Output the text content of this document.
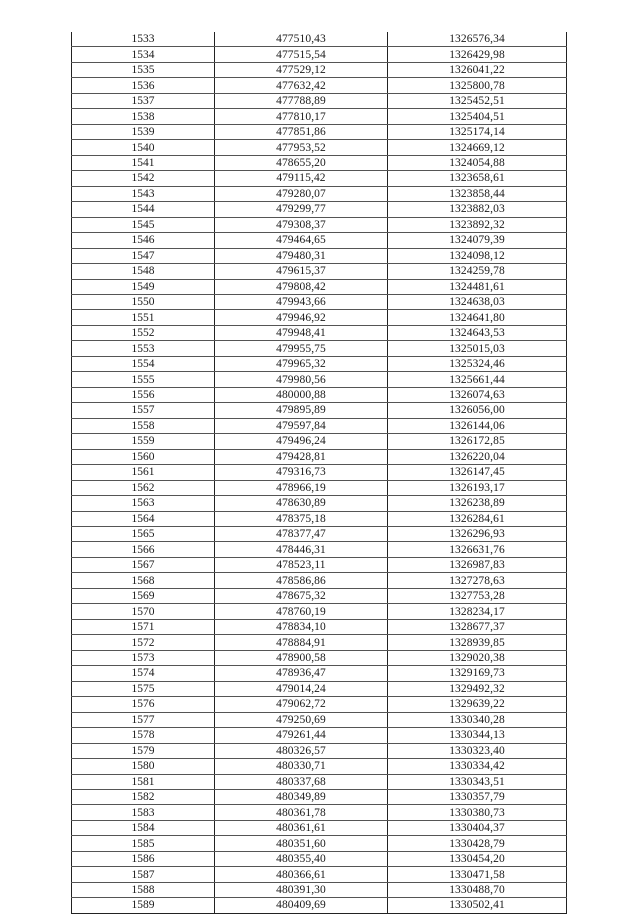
1533	477510,43	1326576,34
1534	477515,54	1326429,98
1535	477529,12	1326041,22
1536	477632,42	1325800,78
1537	477788,89	1325452,51
1538	477810,17	1325404,51
1539	477851,86	1325174,14
1540	477953,52	1324669,12
1541	478655,20	1324054,88
1542	479115,42	1323658,61
1543	479280,07	1323858,44
1544	479299,77	1323882,03
1545	479308,37	1323892,32
1546	479464,65	1324079,39
1547	479480,31	1324098,12
1548	479615,37	1324259,78
1549	479808,42	1324481,61
1550	479943,66	1324638,03
1551	479946,92	1324641,80
1552	479948,41	1324643,53
1553	479955,75	1325015,03
1554	479965,32	1325324,46
1555	479980,56	1325661,44
1556	480000,88	1326074,63
1557	479895,89	1326056,00
1558	479597,84	1326144,06
1559	479496,24	1326172,85
1560	479428,81	1326220,04
1561	479316,73	1326147,45
1562	478966,19	1326193,17
1563	478630,89	1326238,89
1564	478375,18	1326284,61
1565	478377,47	1326296,93
1566	478446,31	1326631,76
1567	478523,11	1326987,83
1568	478586,86	1327278,63
1569	478675,32	1327753,28
1570	478760,19	1328234,17
1571	478834,10	1328677,37
1572	478884,91	1328939,85
1573	478900,58	1329020,38
1574	478936,47	1329169,73
1575	479014,24	1329492,32
1576	479062,72	1329639,22
1577	479250,69	1330340,28
1578	479261,44	1330344,13
1579	480326,57	1330323,40
1580	480330,71	1330334,42
1581	480337,68	1330343,51
1582	480349,89	1330357,79
1583	480361,78	1330380,73
1584	480361,61	1330404,37
1585	480351,60	1330428,79
1586	480355,40	1330454,20
1587	480366,61	1330471,58
1588	480391,30	1330488,70
1589	480409,69	1330502,41
